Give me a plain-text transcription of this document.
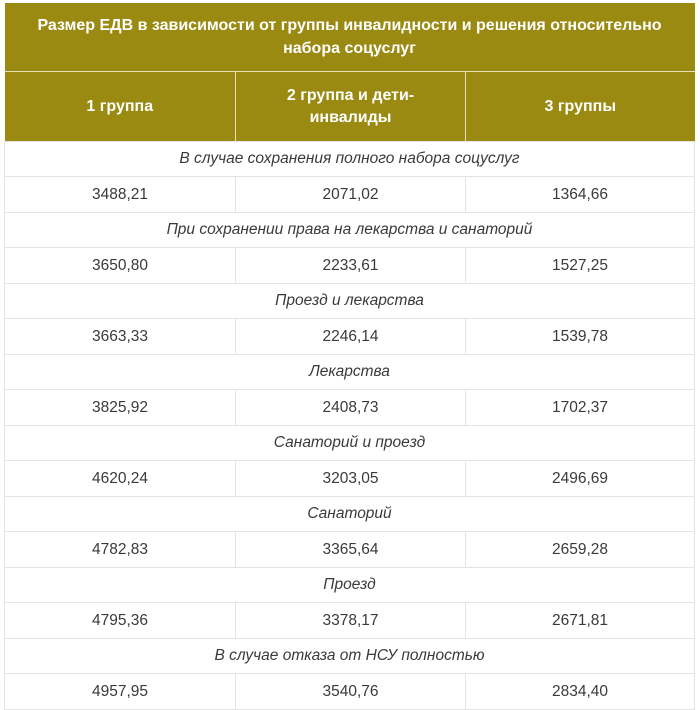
Размер ЕДВ в зависимости от группы инвалидности и решения относительно набора соцуслуг		
1 группа	2 группа и дети-инвалиды	3 группы
В случае сохранения полного набора соцуслуг		
3488,21	2071,02	1364,66
При сохранении права на лекарства и санаторий		
3650,80	2233,61	1527,25
Проезд и лекарства		
3663,33	2246,14	1539,78
Лекарства		
3825,92	2408,73	1702,37
Санаторий и проезд		
4620,24	3203,05	2496,69
Санаторий		
4782,83	3365,64	2659,28
Проезд		
4795,36	3378,17	2671,81
В случае отказа от НСУ полностью		
4957,95	3540,76	2834,40
